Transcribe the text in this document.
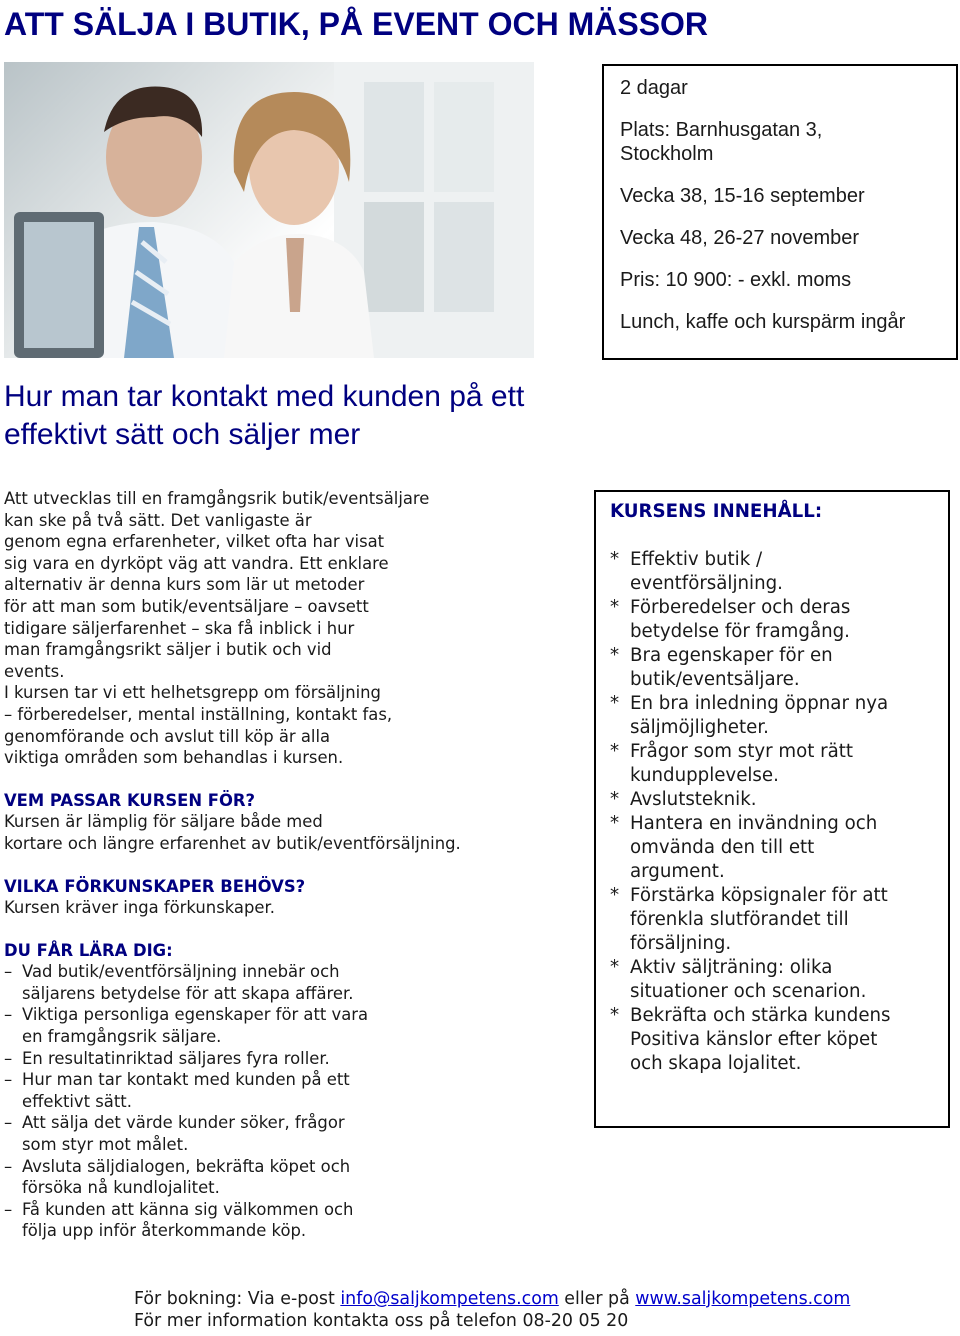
ATT SÄLJA I BUTIK, PÅ EVENT OCH MÄSSOR
2 dagar
Plats: Barnhusgatan 3,
Stockholm
Vecka 38, 15-16 september
Vecka 48, 26-27 november
Pris: 10 900: - exkl. moms
Lunch, kaffe och kurspärm ingår
Hur man tar kontakt med kunden på ett
effektivt sätt och säljer mer

Att utvecklas till en framgångsrik butik/eventsäljare
kan ske på två sätt. Det vanligaste är
genom egna erfarenheter, vilket ofta har visat
sig vara en dyrköpt väg att vandra. Ett enklare
alternativ är denna kurs som lär ut metoder
för att man som butik/eventsäljare – oavsett
tidigare säljerfarenhet – ska få inblick i hur
man framgångsrikt säljer i butik och vid
events.

I kursen tar vi ett helhetsgrepp om försäljning
– förberedelser, mental inställning, kontakt fas,
genomförande och avslut till köp är alla
viktiga områden som behandlas i kursen.

VEM PASSAR KURSEN FÖR?

Kursen är lämplig för säljare både med
kortare och längre erfarenhet av butik/eventförsäljning.

VILKA FÖRKUNSKAPER BEHÖVS?

Kursen kräver inga förkunskaper.

DU FÅR LÄRA DIG:

– Vad butik/eventförsäljning innebär och
säljarens betydelse för att skapa affärer.
– Viktiga personliga egenskaper för att vara
en framgångsrik säljare.
– En resultatinriktad säljares fyra roller.
– Hur man tar kontakt med kunden på ett
effektivt sätt.
– Att sälja det värde kunder söker, frågor
som styr mot målet.
– Avsluta säljdialogen, bekräfta köpet och
försöka nå kundlojalitet.
– Få kunden att känna sig välkommen och
följa upp inför återkommande köp.

KURSENS INNEHÅLL:

* Effektiv butik /
eventförsäljning.
* Förberedelser och deras
betydelse för framgång.
* Bra egenskaper för en
butik/eventsäljare.
* En bra inledning öppnar nya
säljmöjligheter.
* Frågor som styr mot rätt
kundupplevelse.
* Avslutsteknik.
* Hantera en invändning och
omvända den till ett
argument.
* Förstärka köpsignaler för att
förenkla slutförandet till
försäljning.
* Aktiv säljträning: olika
situationer och scenarion.
* Bekräfta och stärka kundens
Positiva känslor efter köpet
och skapa lojalitet.
För bokning: Via e-post info@saljkompetens.com eller på www.saljkompetens.com
För mer information kontakta oss på telefon 08-20 05 20
